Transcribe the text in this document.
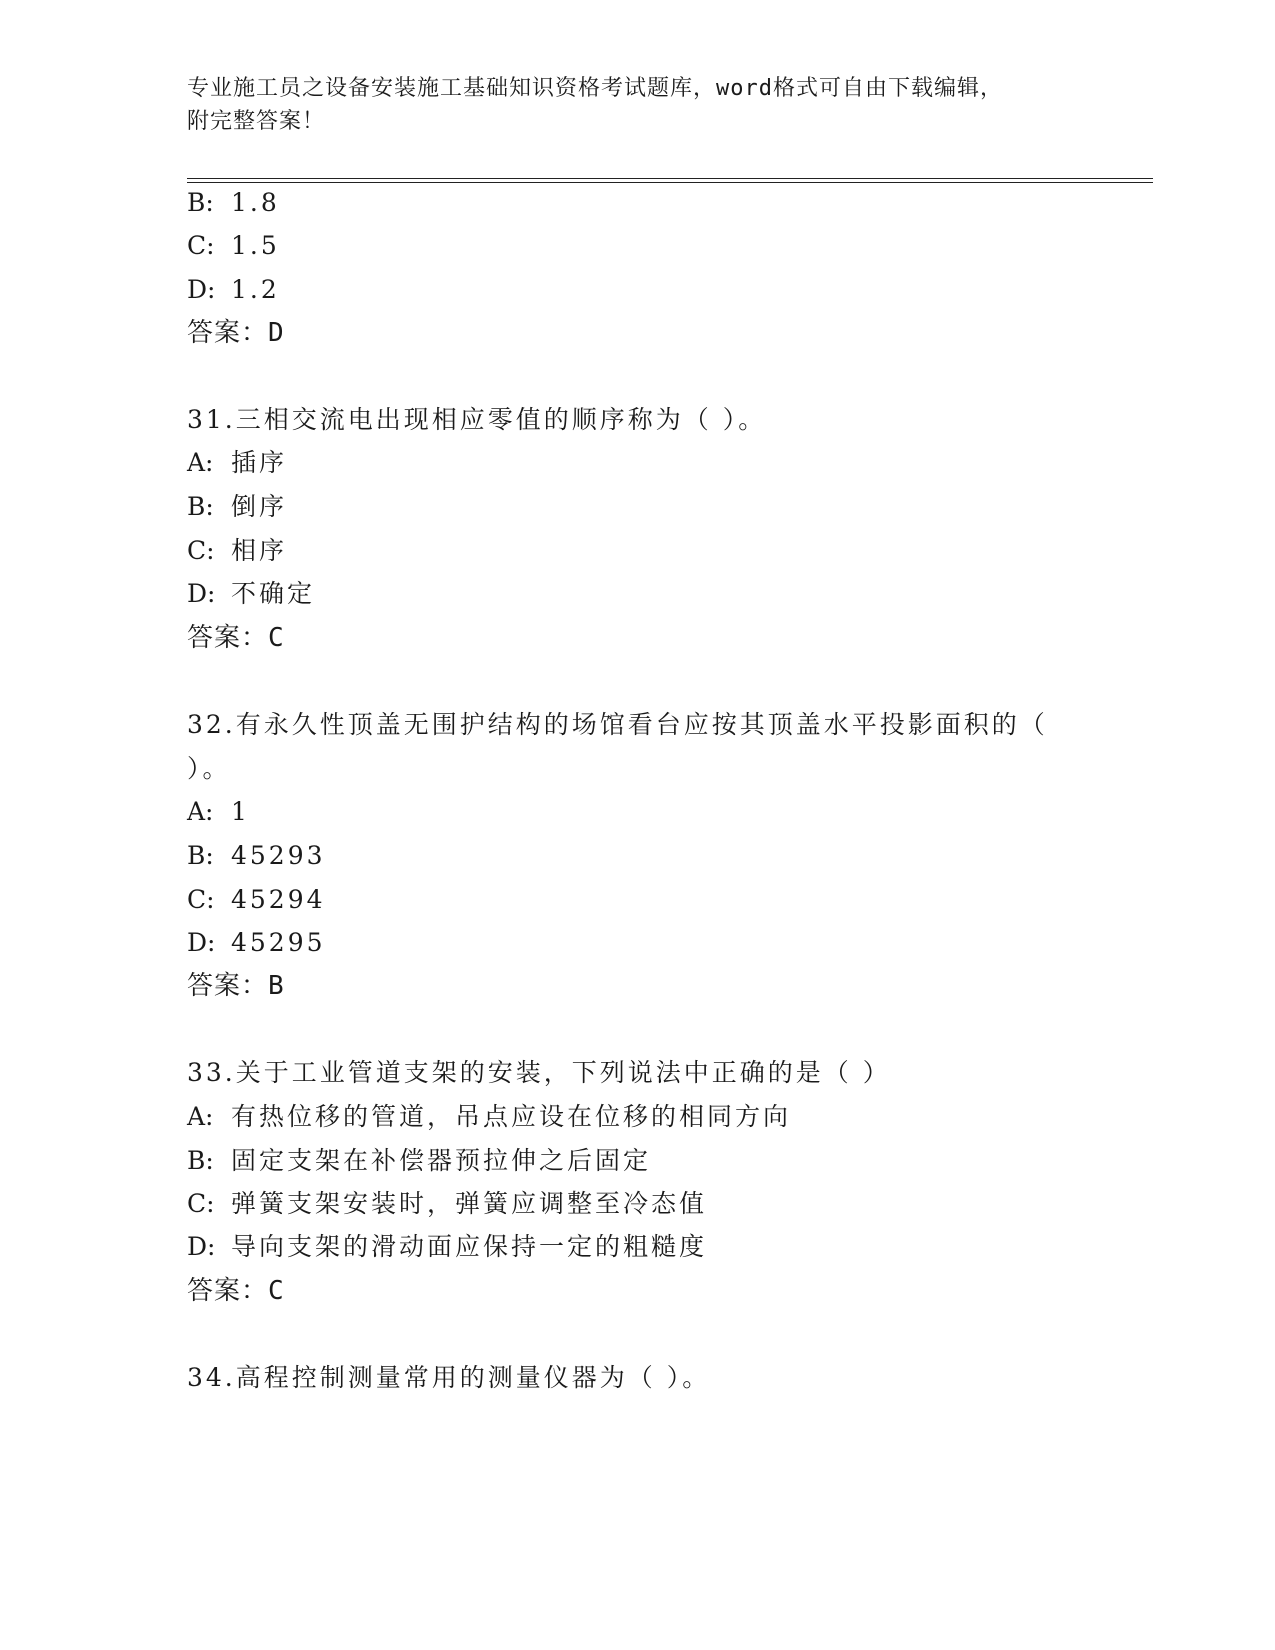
专业施工员之设备安装施工基础知识资格考试题库，word格式可自由下载编辑，
附完整答案！
B: 1.8
C: 1.5
D: 1.2
答案：D
31.三相交流电出现相应零值的顺序称为（ ）。
A: 插序
B: 倒序
C: 相序
D: 不确定
答案：C
32.有永久性顶盖无围护结构的场馆看台应按其顶盖水平投影面积的（
）。
A: 1
B: 45293
C: 45294
D: 45295
答案：B
33.关于工业管道支架的安装，下列说法中正确的是（ ）
A: 有热位移的管道，吊点应设在位移的相同方向
B: 固定支架在补偿器预拉伸之后固定
C: 弹簧支架安装时，弹簧应调整至冷态值
D: 导向支架的滑动面应保持一定的粗糙度
答案：C
34.高程控制测量常用的测量仪器为（ ）。
